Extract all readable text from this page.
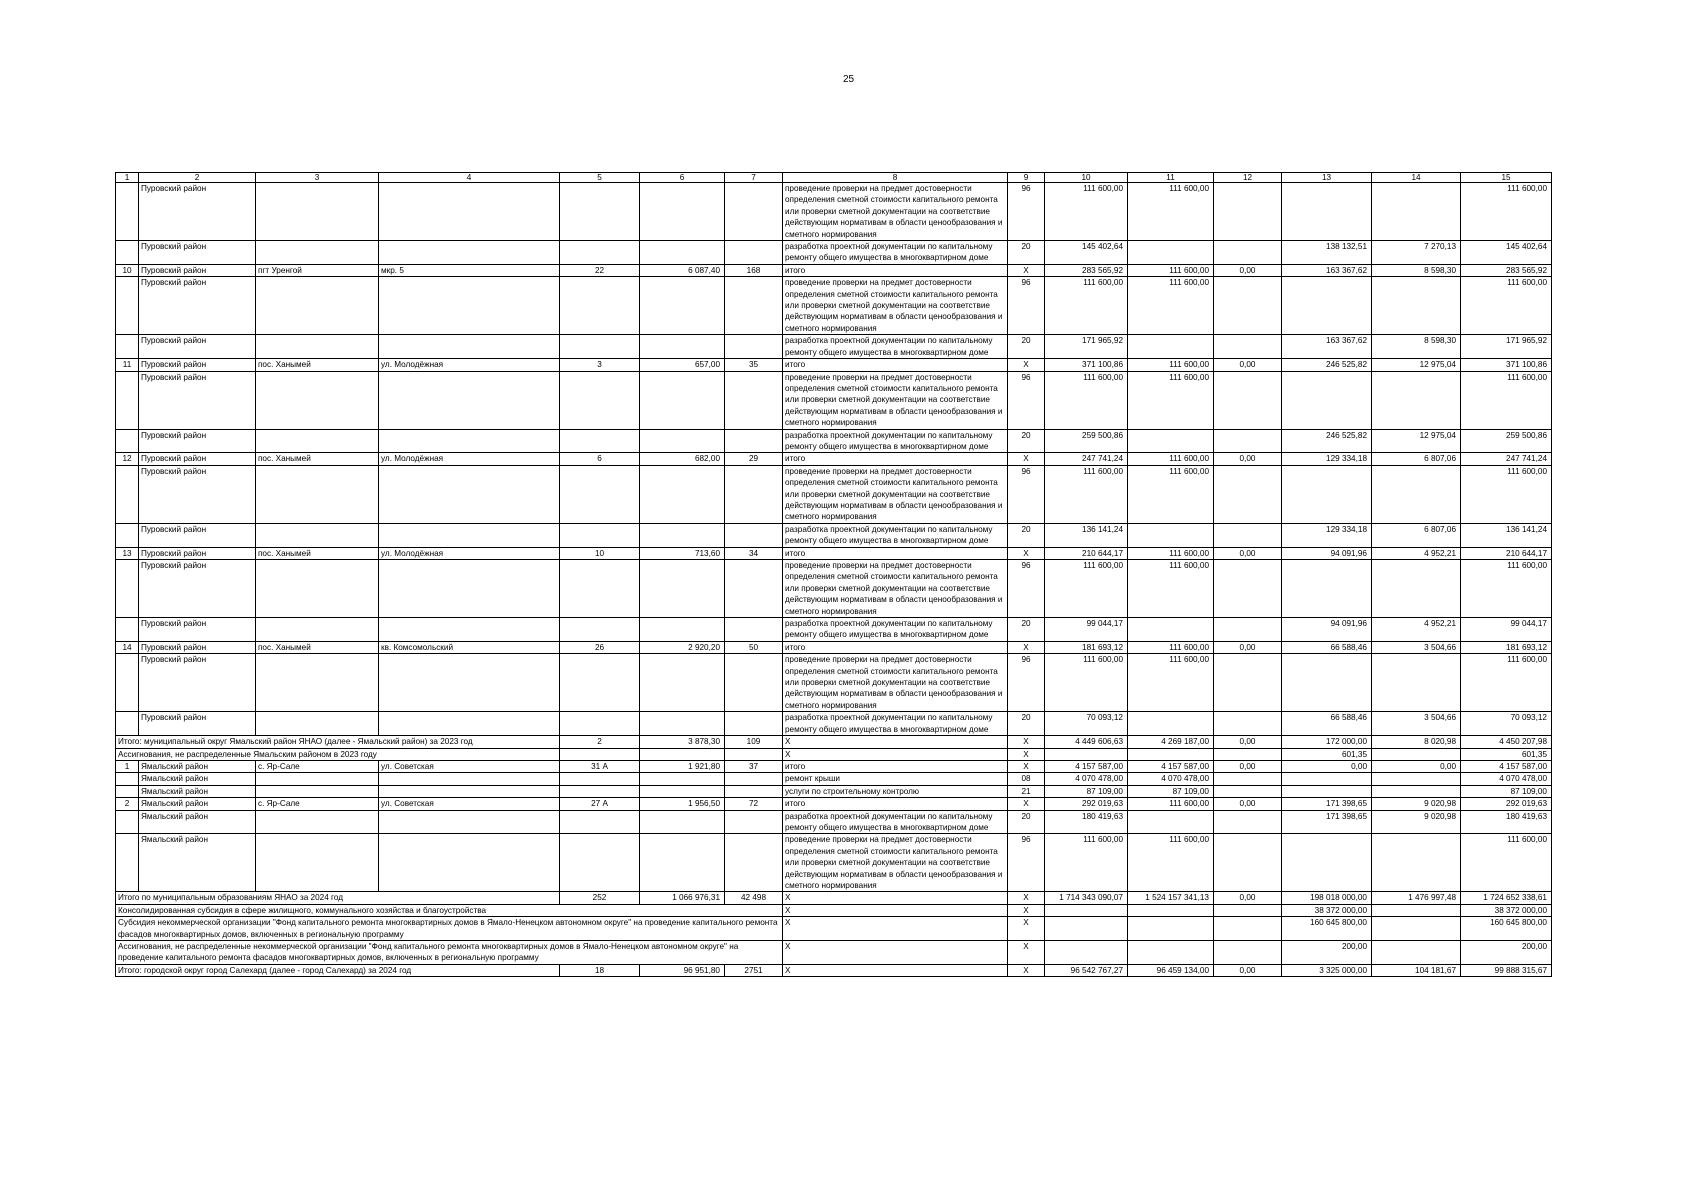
25
1	2	3	4	5	6	7	8	9	10	11	12	13	14	15
	Пуровский район						проведение проверки на предмет достоверности определения сметной стоимости капитального ремонта или проверки сметной документации на соответствие действующим нормативам в области ценообразования и сметного нормирования	96	111 600,00	111 600,00				111 600,00
	Пуровский район						разработка проектной документации по капитальному ремонту общего имущества в многоквартирном доме	20	145 402,64			138 132,51	7 270,13	145 402,64
10	Пуровский район	пгт Уренгой	мкр. 5	22	6 087,40	168	итого	Х	283 565,92	111 600,00	0,00	163 367,62	8 598,30	283 565,92
	Пуровский район						проведение проверки на предмет достоверности определения сметной стоимости капитального ремонта или проверки сметной документации на соответствие действующим нормативам в области ценообразования и сметного нормирования	96	111 600,00	111 600,00				111 600,00
	Пуровский район						разработка проектной документации по капитальному ремонту общего имущества в многоквартирном доме	20	171 965,92			163 367,62	8 598,30	171 965,92
11	Пуровский район	пос. Ханымей	ул. Молодёжная	3	657,00	35	итого	Х	371 100,86	111 600,00	0,00	246 525,82	12 975,04	371 100,86
	Пуровский район						проведение проверки на предмет достоверности определения сметной стоимости капитального ремонта или проверки сметной документации на соответствие действующим нормативам в области ценообразования и сметного нормирования	96	111 600,00	111 600,00				111 600,00
	Пуровский район						разработка проектной документации по капитальному ремонту общего имущества в многоквартирном доме	20	259 500,86			246 525,82	12 975,04	259 500,86
12	Пуровский район	пос. Ханымей	ул. Молодёжная	6	682,00	29	итого	Х	247 741,24	111 600,00	0,00	129 334,18	6 807,06	247 741,24
	Пуровский район						проведение проверки на предмет достоверности определения сметной стоимости капитального ремонта или проверки сметной документации на соответствие действующим нормативам в области ценообразования и сметного нормирования	96	111 600,00	111 600,00				111 600,00
	Пуровский район						разработка проектной документации по капитальному ремонту общего имущества в многоквартирном доме	20	136 141,24			129 334,18	6 807,06	136 141,24
13	Пуровский район	пос. Ханымей	ул. Молодёжная	10	713,60	34	итого	Х	210 644,17	111 600,00	0,00	94 091,96	4 952,21	210 644,17
	Пуровский район						проведение проверки на предмет достоверности определения сметной стоимости капитального ремонта или проверки сметной документации на соответствие действующим нормативам в области ценообразования и сметного нормирования	96	111 600,00	111 600,00				111 600,00
	Пуровский район						разработка проектной документации по капитальному ремонту общего имущества в многоквартирном доме	20	99 044,17			94 091,96	4 952,21	99 044,17
14	Пуровский район	пос. Ханымей	кв. Комсомольский	26	2 920,20	50	итого	Х	181 693,12	111 600,00	0,00	66 588,46	3 504,66	181 693,12
	Пуровский район						проведение проверки на предмет достоверности определения сметной стоимости капитального ремонта или проверки сметной документации на соответствие действующим нормативам в области ценообразования и сметного нормирования	96	111 600,00	111 600,00				111 600,00
	Пуровский район						разработка проектной документации по капитальному ремонту общего имущества в многоквартирном доме	20	70 093,12			66 588,46	3 504,66	70 093,12
Итого: муниципальный округ Ямальский район ЯНАО (далее - Ямальский район) за 2023 год				2	3 878,30	109	Х	Х	4 449 606,63	4 269 187,00	0,00	172 000,00	8 020,98	4 450 207,98
Ассигнования, не распределенные Ямальским районом в 2023 году							Х	Х				601,35		601,35
1	Ямальский район	с. Яр-Сале	ул. Советская	31 А	1 921,80	37	итого	Х	4 157 587,00	4 157 587,00	0,00	0,00	0,00	4 157 587,00
	Ямальский район						ремонт крыши	08	4 070 478,00	4 070 478,00				4 070 478,00
	Ямальский район						услуги по строительному контролю	21	87 109,00	87 109,00				87 109,00
2	Ямальский район	с. Яр-Сале	ул. Советская	27 А	1 956,50	72	итого	Х	292 019,63	111 600,00	0,00	171 398,65	9 020,98	292 019,63
	Ямальский район						разработка проектной документации по капитальному ремонту общего имущества в многоквартирном доме	20	180 419,63			171 398,65	9 020,98	180 419,63
	Ямальский район						проведение проверки на предмет достоверности определения сметной стоимости капитального ремонта или проверки сметной документации на соответствие действующим нормативам в области ценообразования и сметного нормирования	96	111 600,00	111 600,00				111 600,00
Итого по муниципальным образованиям ЯНАО за 2024 год				252	1 066 976,31	42 498	Х	Х	1 714 343 090,07	1 524 157 341,13	0,00	198 018 000,00	1 476 997,48	1 724 652 338,61
Консолидированная субсидия в сфере жилищного, коммунального хозяйства и благоустройства							Х	Х				38 372 000,00		38 372 000,00
Субсидия некоммерческой организации "Фонд капитального ремонта многоквартирных домов в Ямало-Ненецком автономном округе" на проведение капитального ремонта фасадов многоквартирных домов, включенных в региональную программу							Х	Х				160 645 800,00		160 645 800,00
Ассигнования, не распределенные некоммерческой организации "Фонд капитального ремонта многоквартирных домов в Ямало-Ненецком автономном округе" на проведение капитального ремонта фасадов многоквартирных домов, включенных в региональную программу							Х	Х				200,00		200,00
Итого: городской округ город Салехард (далее - город Салехард) за 2024 год				18	96 951,80	2751	Х	Х	96 542 767,27	96 459 134,00	0,00	3 325 000,00	104 181,67	99 888 315,67
